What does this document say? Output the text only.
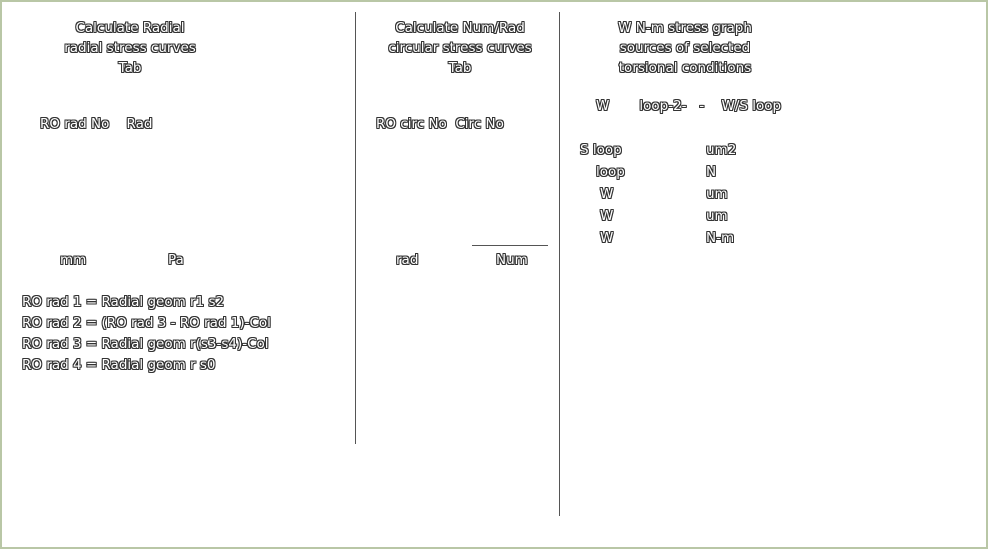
Calculate Radial
radial stress curves
Tab
RO rad No    Rad
mm	Pa
RO rad 1 = Radial geom r1 s2
RO rad 2 = (RO rad 3 - RO rad 1)-Col
RO rad 3 = Radial geom r(s3-s4)-Col
RO rad 4 = Radial geom r s0
Calculate Num/Rad
circular stress curves
Tab
RO circ No  Circ No
rad	Num
W N-m stress graph
sources of selected
torsional conditions
W       loop-2-   -    W/S loop
S loop	um2
loop	N
W	um
W	um
W	N-m
